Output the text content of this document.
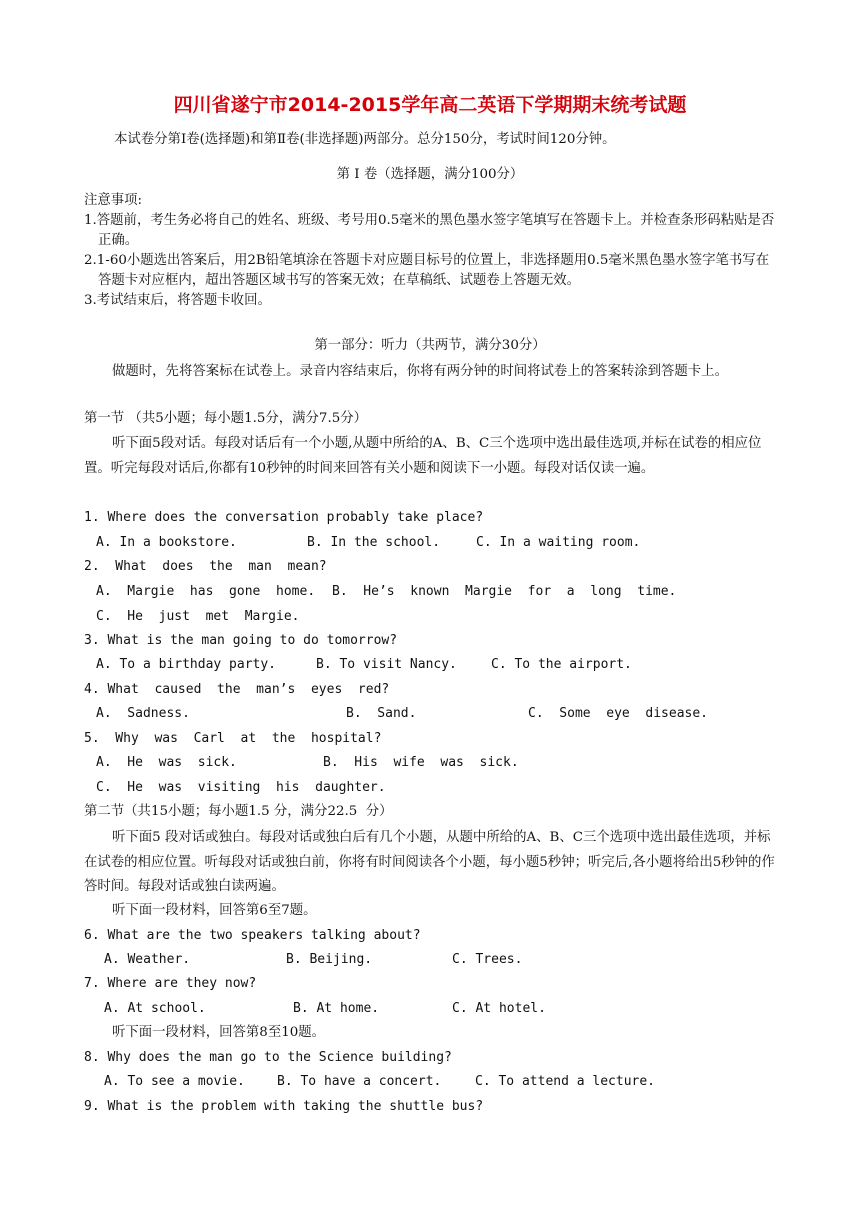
四川省遂宁市2014-2015学年高二英语下学期期末统考试题
本试卷分第Ⅰ卷(选择题)和第Ⅱ卷(非选择题)两部分。总分150分，考试时间120分钟。
第 Ⅰ 卷（选择题，满分100分）
注意事项:
1.答题前，考生务必将自己的姓名、班级、考号用0.5毫米的黑色墨水签字笔填写在答题卡上。并检查条形码粘贴是否正确。
2.1-60小题选出答案后，用2B铅笔填涂在答题卡对应题目标号的位置上，非选择题用0.5毫米黑色墨水签字笔书写在答题卡对应框内，超出答题区域书写的答案无效；在草稿纸、试题卷上答题无效。
3.考试结束后，将答题卡收回。
第一部分：听力（共两节，满分30分）
做题时，先将答案标在试卷上。录音内容结束后，你将有两分钟的时间将试卷上的答案转涂到答题卡上。
第一节 （共5小题；每小题1.5分，满分7.5分）
听下面5段对话。每段对话后有一个小题,从题中所给的A、B、C三个选项中选出最佳选项,并标在试卷的相应位置。听完每段对话后,你都有10秒钟的时间来回答有关小题和阅读下一小题。每段对话仅读一遍。
1. Where does the conversation probably take place?
A. In a bookstore.	B. In the school.	C. In a waiting room.
2.  What  does  the  man  mean?
A.  Margie  has  gone  home. B.  He’s  known  Margie  for  a  long  time.
C.  He  just  met  Margie.
3. What is the man going to do tomorrow?
A. To a birthday party.	B. To visit Nancy.	C. To the airport.
4. What  caused  the  man’s  eyes  red?
A.  Sadness.	B.  Sand.	C.  Some  eye  disease.
5.  Why  was  Carl  at  the  hospital?
A.  He  was  sick.	B.  His  wife  was  sick.
C.  He  was  visiting  his  daughter.
第二节（共15小题；每小题1.5 分，满分22.5  分）
听下面5 段对话或独白。每段对话或独白后有几个小题，从题中所给的A、B、C三个选项中选出最佳选项，并标在试卷的相应位置。听每段对话或独白前，你将有时间阅读各个小题，每小题5秒钟；听完后,各小题将给出5秒钟的作答时间。每段对话或独白读两遍。
听下面一段材料，回答第6至7题。
6. What are the two speakers talking about?
A. Weather.	B. Beijing.	C. Trees.
7. Where are they now?
A. At school.	B. At home.	C. At hotel.
听下面一段材料，回答第8至10题。
8. Why does the man go to the Science building?
A. To see a movie. B. To have a concert.	C. To attend a lecture.
9. What is the problem with taking the shuttle bus?
